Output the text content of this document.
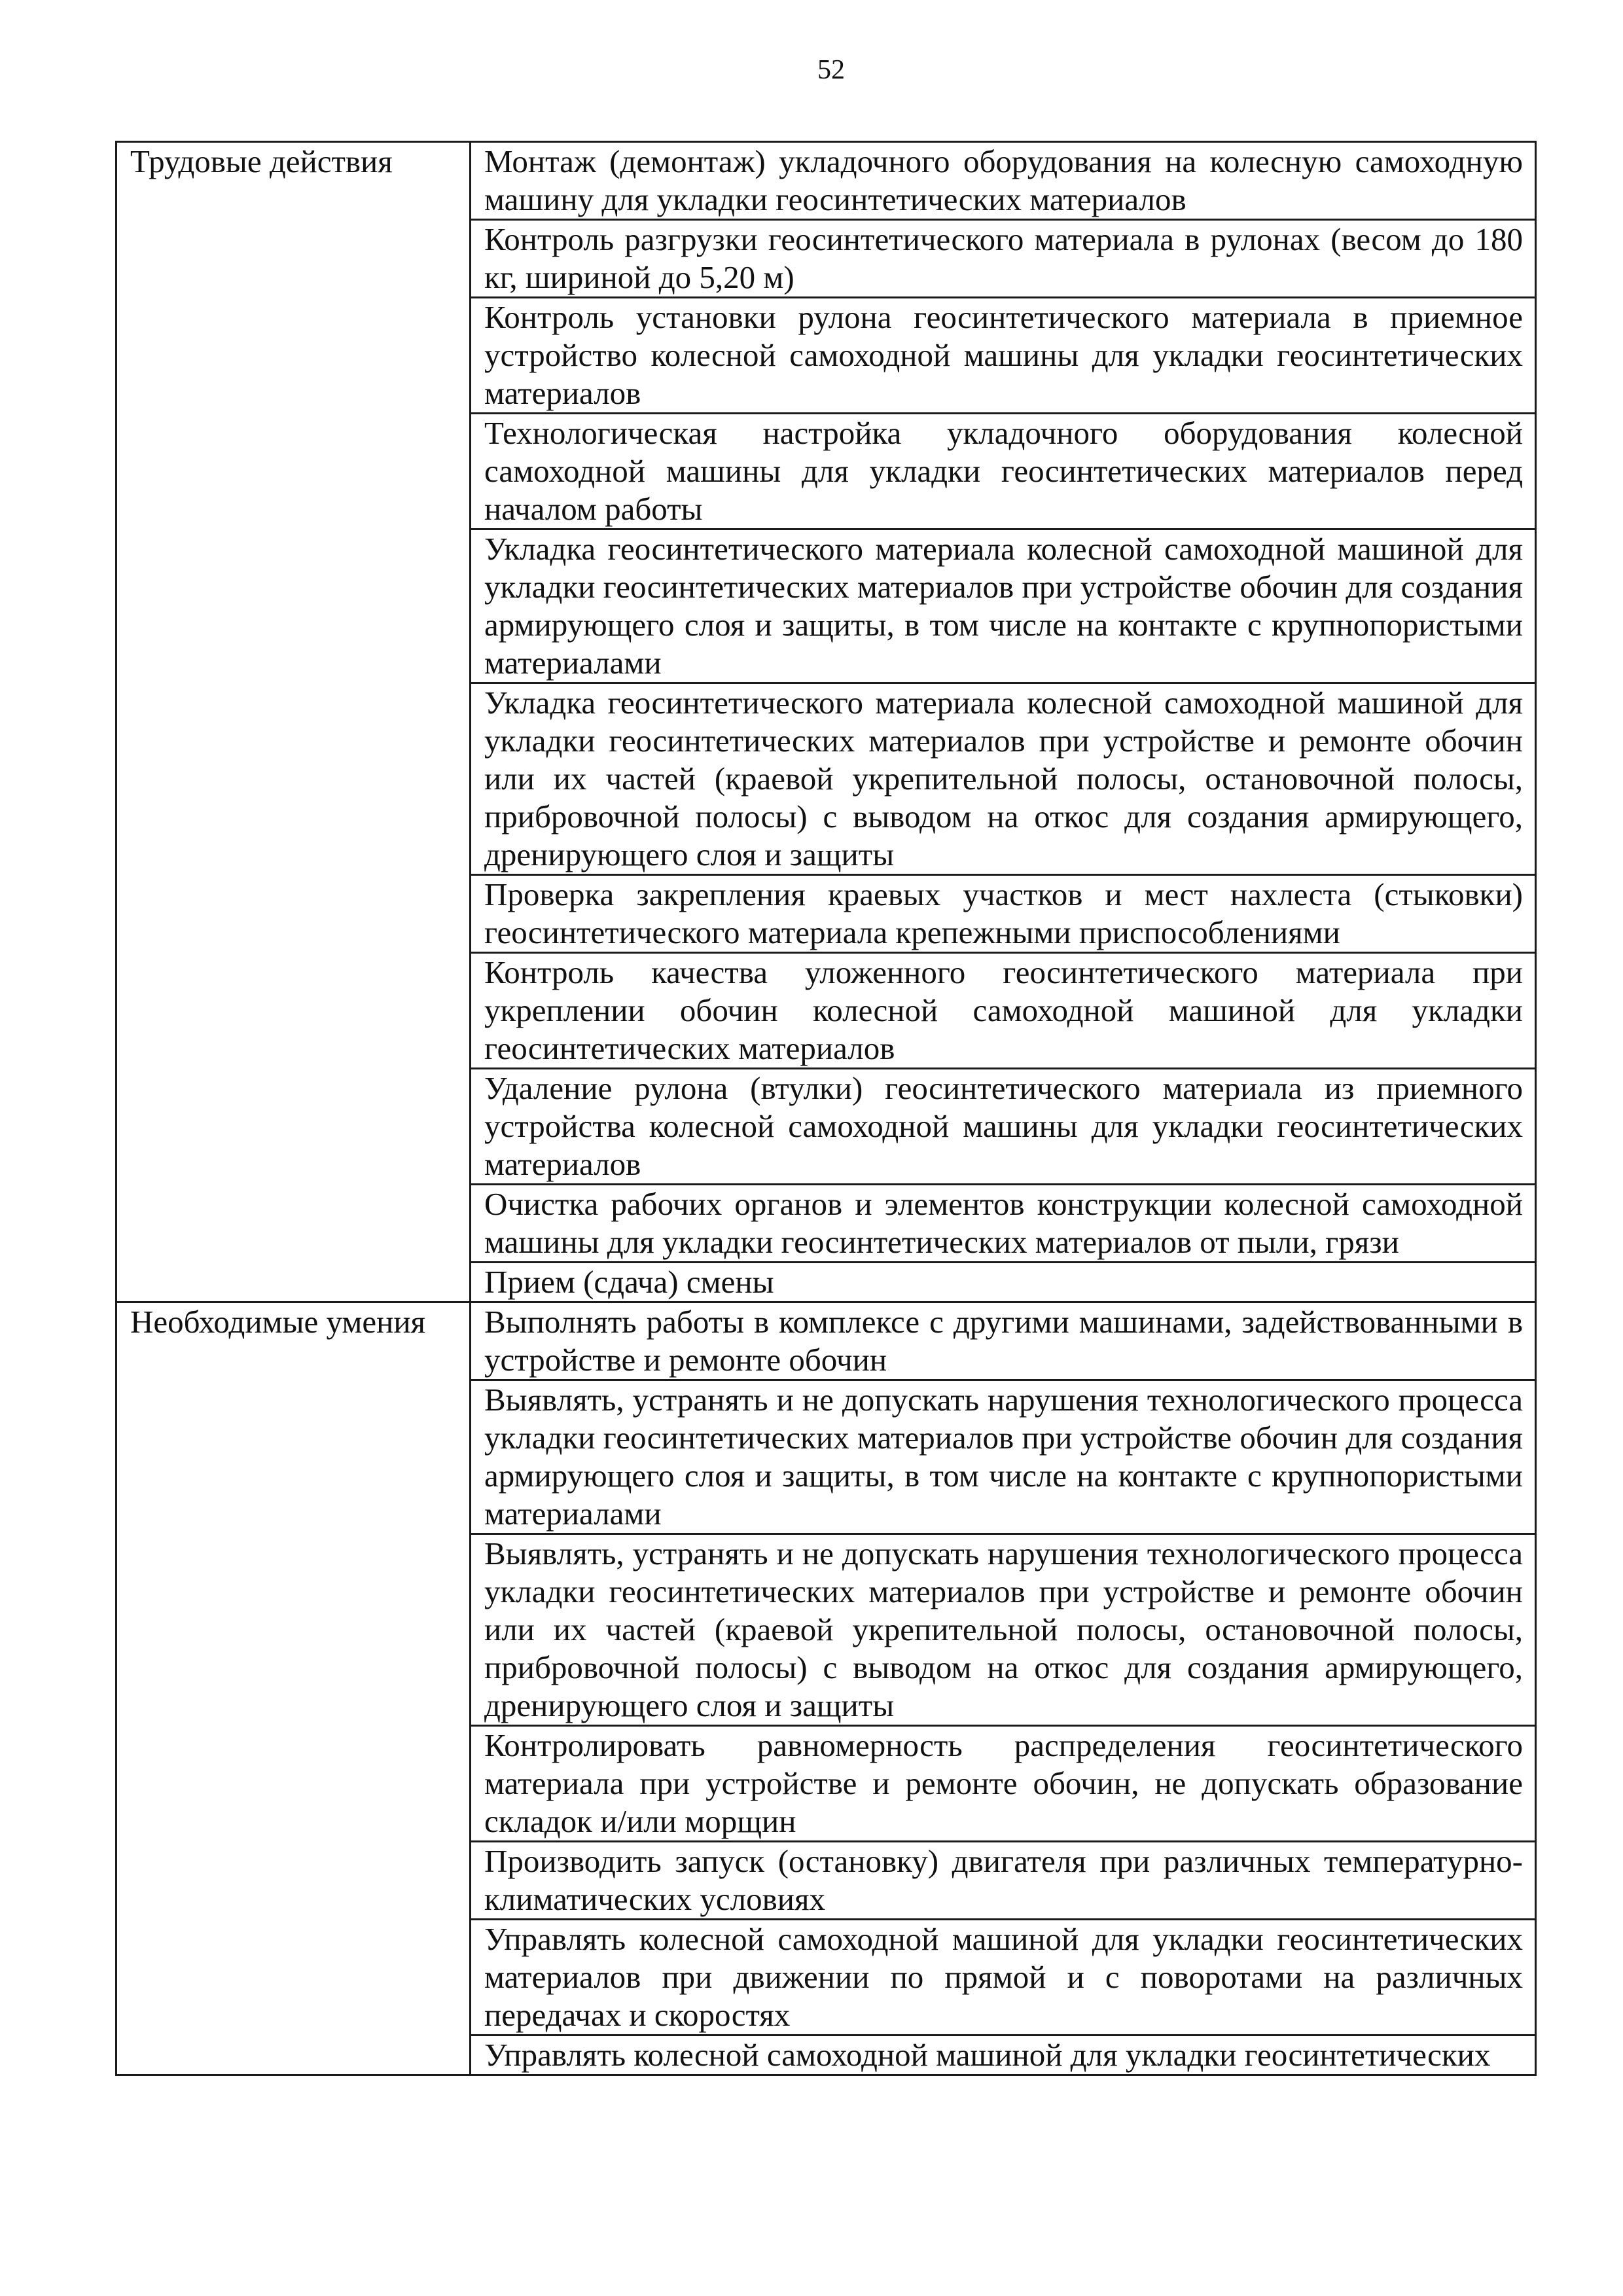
52
Трудовые действия	Монтаж (демонтаж) укладочного оборудования на колесную самоходную машину для укладки геосинтетических материалов
	Контроль разгрузки геосинтетического материала в рулонах (весом до 180 кг, шириной до 5,20 м)
	Контроль установки рулона геосинтетического материала в приемное устройство колесной самоходной машины для укладки геосинтетических материалов
	Технологическая настройка укладочного оборудования колесной самоходной машины для укладки геосинтетических материалов перед началом работы
	Укладка геосинтетического материала колесной самоходной машиной для укладки геосинтетических материалов при устройстве обочин для создания армирующего слоя и защиты, в том числе на контакте с крупнопористыми материалами
	Укладка геосинтетического материала колесной самоходной машиной для укладки геосинтетических материалов при устройстве и ремонте обочин или их частей (краевой укрепительной полосы, остановочной полосы, прибровочной полосы) с выводом на откос для создания армирующего, дренирующего слоя и защиты
	Проверка закрепления краевых участков и мест нахлеста (стыковки) геосинтетического материала крепежными приспособлениями
	Контроль качества уложенного геосинтетического материала при укреплении обочин колесной самоходной машиной для укладки геосинтетических материалов
	Удаление рулона (втулки) геосинтетического материала из приемного устройства колесной самоходной машины для укладки геосинтетических материалов
	Очистка рабочих органов и элементов конструкции колесной самоходной машины для укладки геосинтетических материалов от пыли, грязи
	Прием (сдача) смены
Необходимые умения	Выполнять работы в комплексе с другими машинами, задействованными в устройстве и ремонте обочин
	Выявлять, устранять и не допускать нарушения технологического процесса укладки геосинтетических материалов при устройстве обочин для создания армирующего слоя и защиты, в том числе на контакте с крупнопористыми материалами
	Выявлять, устранять и не допускать нарушения технологического процесса укладки геосинтетических материалов при устройстве и ремонте обочин или их частей (краевой укрепительной полосы, остановочной полосы, прибровочной полосы) с выводом на откос для создания армирующего, дренирующего слоя и защиты
	Контролировать равномерность распределения геосинтетического материала при устройстве и ремонте обочин, не допускать образование складок и/или морщин
	Производить запуск (остановку) двигателя при различных температурно-климатических условиях
	Управлять колесной самоходной машиной для укладки геосинтетических материалов при движении по прямой и с поворотами на различных передачах и скоростях
	Управлять колесной самоходной машиной для укладки геосинтетических
